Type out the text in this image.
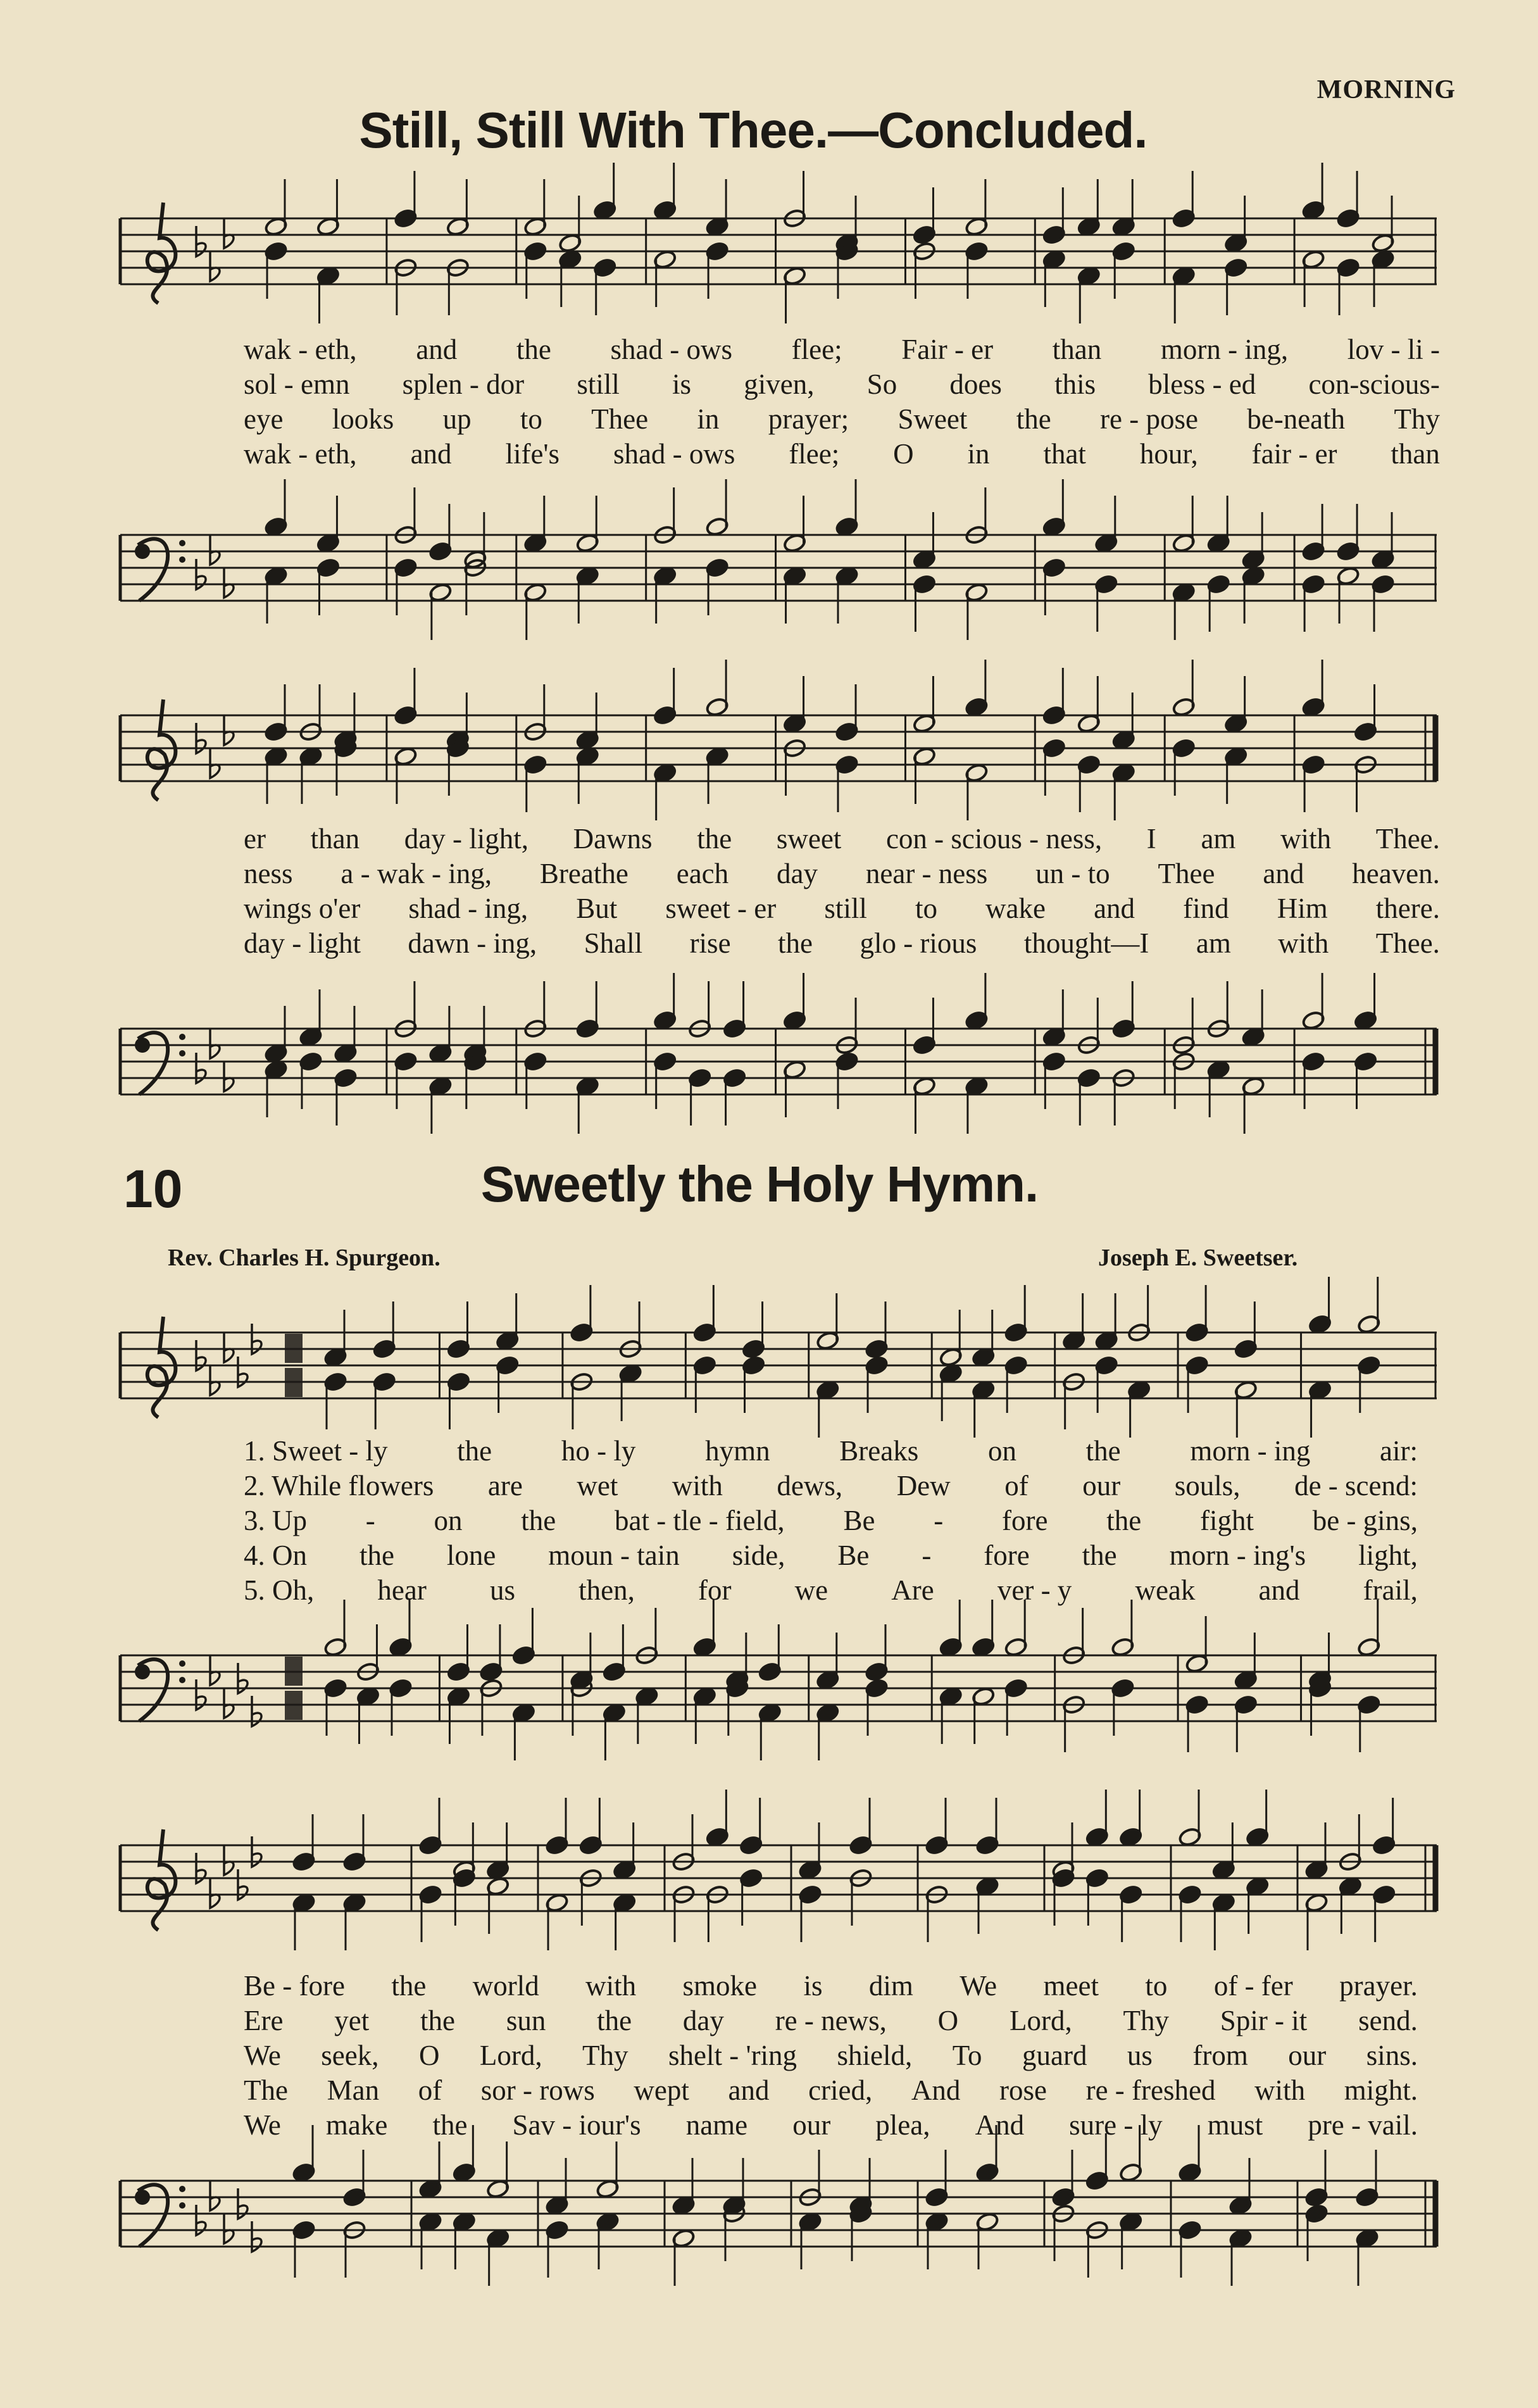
MORNING
Still, Still With Thee.—Concluded.
wak - eth, and the shad - ows flee; Fair - er than morn - ing, lov - li -
sol - emn splen - dor still is given, So does this bless - ed con-scious-
eye looks up to Thee in prayer; Sweet the re - pose be-neath Thy
wak - eth, and life's shad - ows flee; O in that hour, fair - er than
er than day - light, Dawns the sweet con - scious - ness, I am with Thee.
ness a - wak - ing, Breathe each day near - ness un - to Thee and heaven.
wings o'er shad - ing, But sweet - er still to wake and find Him there.
day - light dawn - ing, Shall rise the glo - rious thought—I am with Thee.
10	Sweetly the Holy Hymn.
Rev. Charles H. Spurgeon.	Joseph E. Sweetser.
1. Sweet - ly the ho - ly hymn Breaks on the morn - ing air:
2. While flowers are wet with dews, Dew of our souls, de - scend:
3. Up - on the bat - tle - field, Be - fore the fight be - gins,
4. On the lone moun - tain side, Be - fore the morn - ing's light,
5. Oh, hear us then, for we Are ver - y weak and frail,
Be - fore the world with smoke is dim We meet to of - fer prayer.
Ere yet the sun the day re - news, O Lord, Thy Spir - it send.
We seek, O Lord, Thy shelt - 'ring shield, To guard us from our sins.
The Man of sor - rows wept and cried, And rose re - freshed with might.
We make the Sav - iour's name our plea, And sure - ly must pre - vail.
